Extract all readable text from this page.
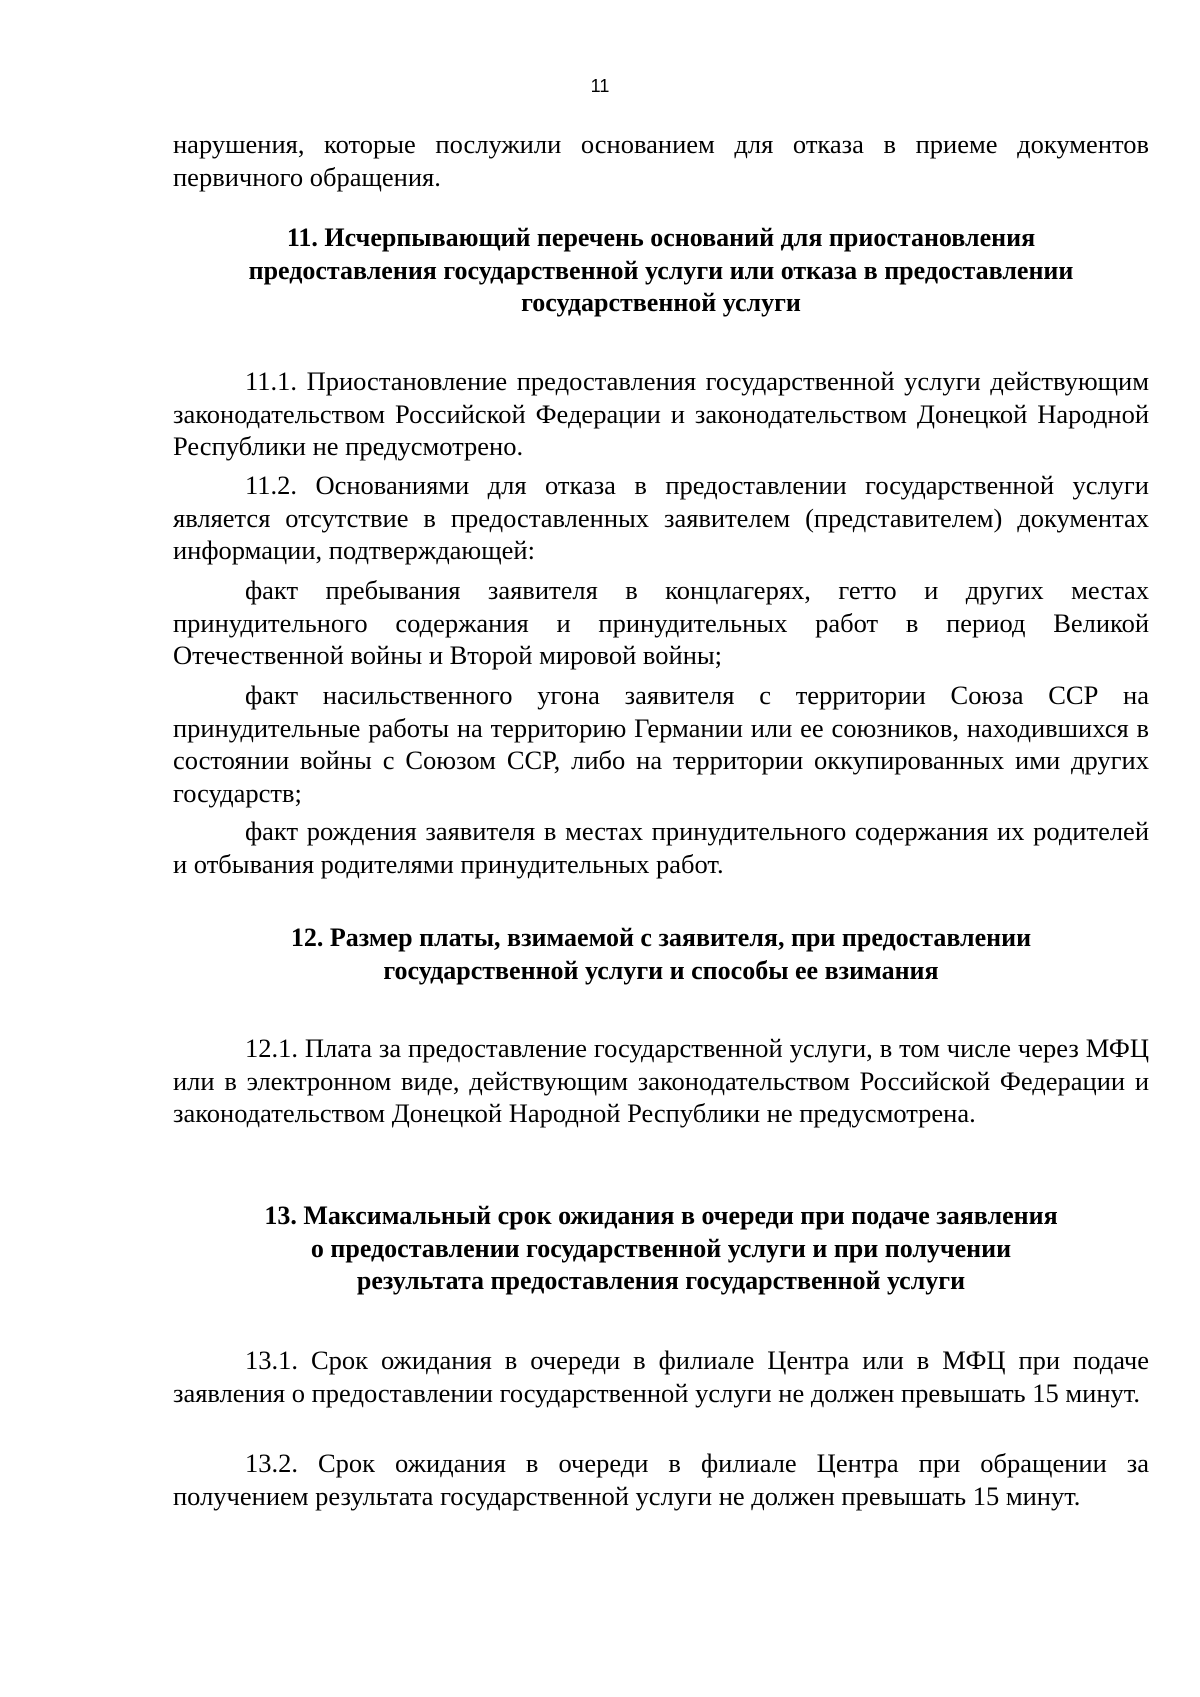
11

нарушения, которые послужили основанием для отказа в приеме документов первичного обращения.

11. Исчерпывающий перечень оснований для приостановления
предоставления государственной услуги или отказа в предоставлении
государственной услуги

11.1. Приостановление предоставления государственной услуги действующим законодательством Российской Федерации и законодательством Донецкой Народной Республики не предусмотрено.

11.2. Основаниями для отказа в предоставлении государственной услуги является отсутствие в предоставленных заявителем (представителем) документах информации, подтверждающей:

факт пребывания заявителя в концлагерях, гетто и других местах принудительного содержания и принудительных работ в период Великой Отечественной войны и Второй мировой войны;

факт насильственного угона заявителя с территории Союза ССР на принудительные работы на территорию Германии или ее союзников, находившихся в состоянии войны с Союзом ССР, либо на территории оккупированных ими других государств;

факт рождения заявителя в местах принудительного содержания их родителей и отбывания родителями принудительных работ.

12. Размер платы, взимаемой с заявителя, при предоставлении
государственной услуги и способы ее взимания

12.1. Плата за предоставление государственной услуги, в том числе через МФЦ или в электронном виде, действующим законодательством Российской Федерации и законодательством Донецкой Народной Республики не предусмотрена.

13. Максимальный срок ожидания в очереди при подаче заявления
о предоставлении государственной услуги и при получении
результата предоставления государственной услуги

13.1. Срок ожидания в очереди в филиале Центра или в МФЦ при подаче заявления о предоставлении государственной услуги не должен превышать 15 минут.

13.2. Срок ожидания в очереди в филиале Центра при обращении за получением результата государственной услуги не должен превышать 15 минут.
